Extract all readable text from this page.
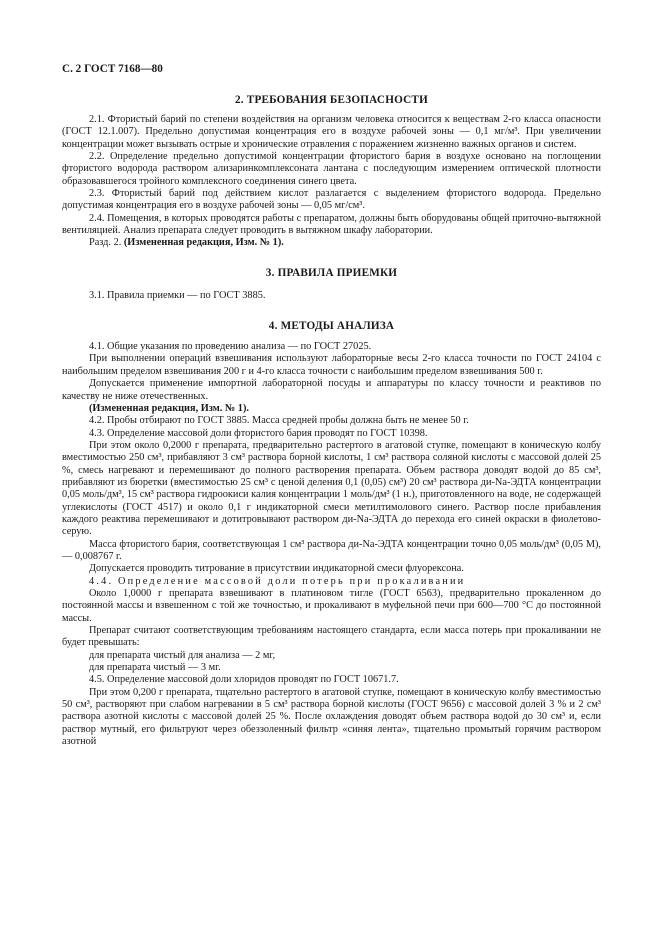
С. 2 ГОСТ 7168—80
2. ТРЕБОВАНИЯ БЕЗОПАСНОСТИ

2.1. Фтористый барий по степени воздействия на организм человека относится к веществам 2-го класса опасности (ГОСТ 12.1.007). Предельно допустимая концентрация его в воздухе рабочей зоны — 0,1 мг/м³. При увеличении концентрации может вызывать острые и хронические отравления с поражением жизненно важных органов и систем.

2.2. Определение предельно допустимой концентрации фтористого бария в воздухе основано на поглощении фтористого водорода раствором ализаринкомплексоната лантана с последующим измерением оптической плотности образовавшегося тройного комплексного соединения синего цвета.

2.3. Фтористый барий под действием кислот разлагается с выделением фтористого водорода. Предельно допустимая концентрация его в воздухе рабочей зоны — 0,05 мг/см³.

2.4. Помещения, в которых проводятся работы с препаратом, должны быть оборудованы общей приточно-вытяжной вентиляцией. Анализ препарата следует проводить в вытяжном шкафу лаборатории.

Разд. 2. (Измененная редакция, Изм. № 1).

3. ПРАВИЛА ПРИЕМКИ

3.1. Правила приемки — по ГОСТ 3885.

4. МЕТОДЫ АНАЛИЗА

4.1. Общие указания по проведению анализа — по ГОСТ 27025.

При выполнении операций взвешивания используют лабораторные весы 2-го класса точности по ГОСТ 24104 с наибольшим пределом взвешивания 200 г и 4-го класса точности с наибольшим пределом взвешивания 500 г.

Допускается применение импортной лабораторной посуды и аппаратуры по классу точности и реактивов по качеству не ниже отечественных.

(Измененная редакция, Изм. № 1).

4.2. Пробы отбирают по ГОСТ 3885. Масса средней пробы должна быть не менее 50 г.

4.3. Определение массовой доли фтористого бария проводят по ГОСТ 10398.

При этом около 0,2000 г препарата, предварительно растертого в агатовой ступке, помещают в коническую колбу вместимостью 250 см³, прибавляют 3 см³ раствора борной кислоты, 1 см³ раствора соляной кислоты с массовой долей 25 %, смесь нагревают и перемешивают до полного растворения препарата. Объем раствора доводят водой до 85 см³, прибавляют из бюретки (вместимостью 25 см³ с ценой деления 0,1 (0,05) см³) 20 см³ раствора ди-Na-ЭДТА концентрации 0,05 моль/дм³, 15 см³ раствора гидроокиси калия концентрации 1 моль/дм³ (1 н.), приготовленного на воде, не содержащей углекислоты (ГОСТ 4517) и около 0,1 г индикаторной смеси метилтимолового синего. Раствор после прибавления каждого реактива перемешивают и дотитровывают раствором ди-Na-ЭДТА до перехода его синей окраски в фиолетово-серую.

Масса фтористого бария, соответствующая 1 см³ раствора ди-Na-ЭДТА концентрации точно 0,05 моль/дм³ (0,05 М), — 0,008767 г.

Допускается проводить титрование в присутствии индикаторной смеси флуорексона.

4.4. Определение массовой доли потерь при прокаливании

Около 1,0000 г препарата взвешивают в платиновом тигле (ГОСТ 6563), предварительно прокаленном до постоянной массы и взвешенном с той же точностью, и прокаливают в муфельной печи при 600—700 °С до постоянной массы.

Препарат считают соответствующим требованиям настоящего стандарта, если масса потерь при прокаливании не будет превышать:

для препарата чистый для анализа — 2 мг,

для препарата чистый — 3 мг.

4.5. Определение массовой доли хлоридов проводят по ГОСТ 10671.7.

При этом 0,200 г препарата, тщательно растертого в агатовой ступке, помещают в коническую колбу вместимостью 50 см³, растворяют при слабом нагревании в 5 см³ раствора борной кислоты (ГОСТ 9656) с массовой долей 3 % и 2 см³ раствора азотной кислоты с массовой долей 25 %. После охлаждения доводят объем раствора водой до 30 см³ и, если раствор мутный, его фильтруют через обеззоленный фильтр «синяя лента», тщательно промытый горячим раствором азотной
